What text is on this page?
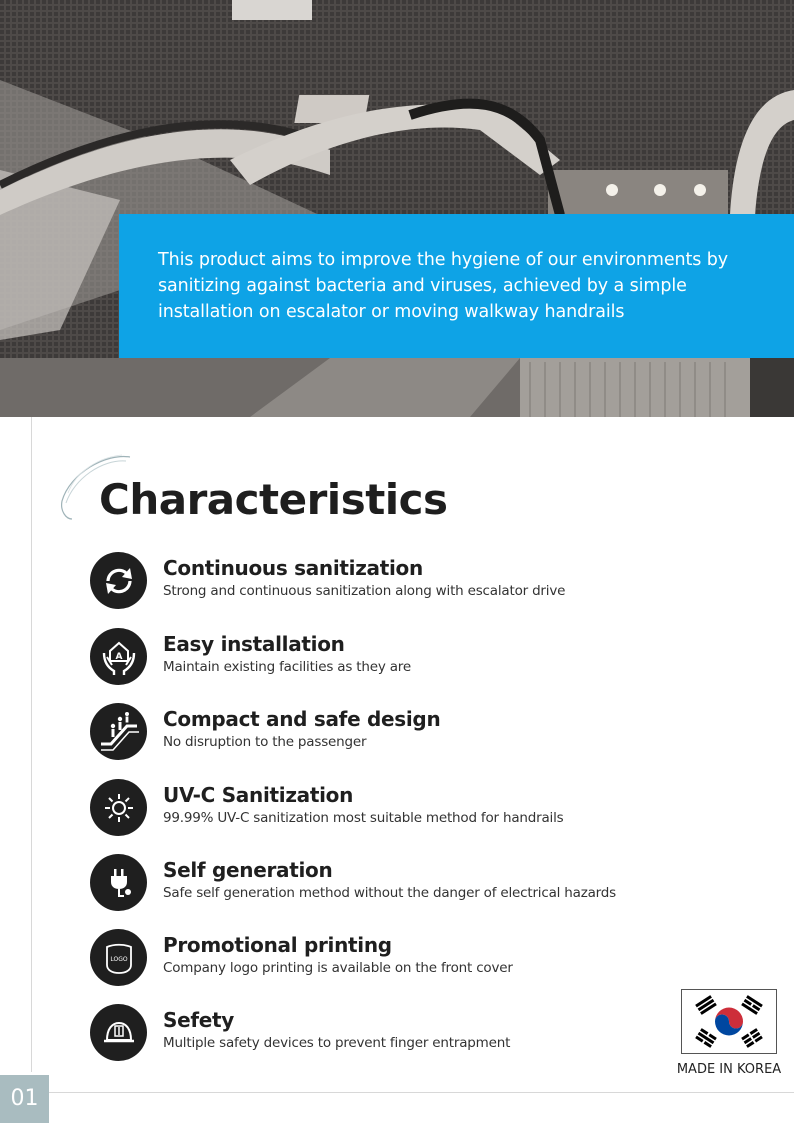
This product aims to improve the hygiene of our environments by sanitizing against bacteria and viruses, achieved by a simple installation on escalator or moving walkway handrails

Characteristics
Continuous sanitization
Strong and continuous sanitization along with escalator drive
A
Easy installation
Maintain existing facilities as they are
Compact and safe design
No disruption to the passenger
UV-C Sanitization
99.99% UV-C sanitization most suitable method for handrails
Self generation
Safe self generation method without the danger of electrical hazards
LOGO
Promotional printing
Company logo printing is available on the front cover
Sefety
Multiple safety devices to prevent finger entrapment
MADE IN KOREA
01
